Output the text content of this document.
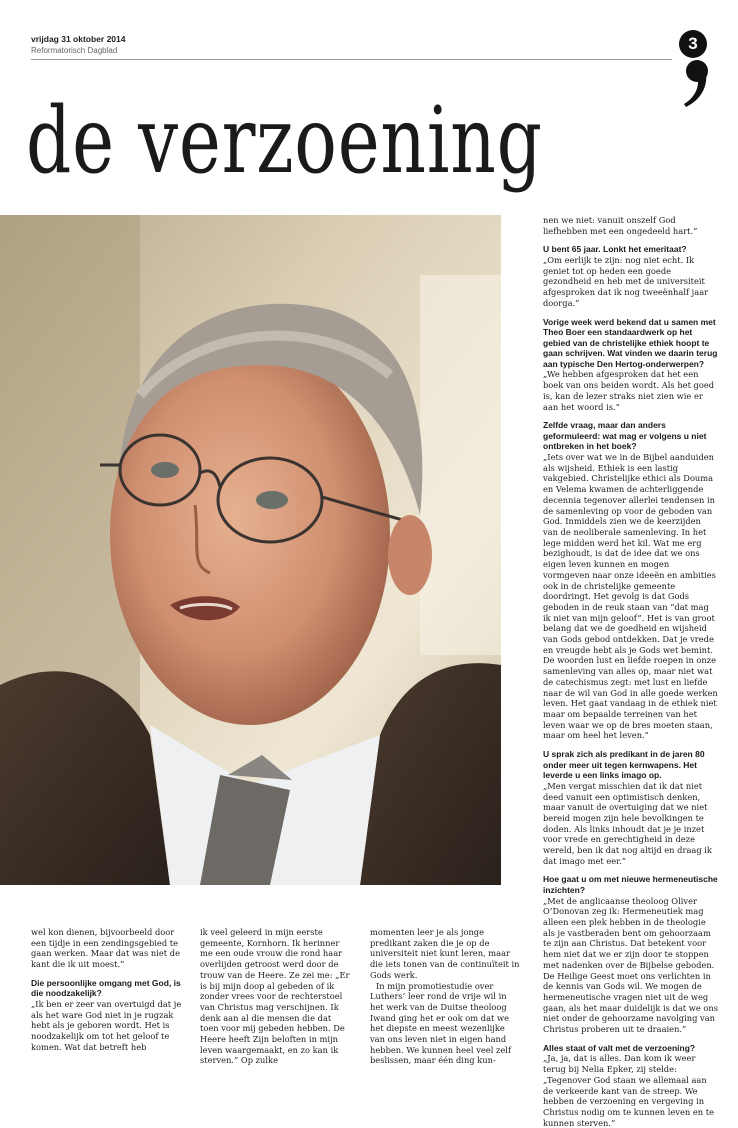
vrijdag 31 oktober 2014
Reformatorisch Dagblad	3
de verzoening

nen we niet: vanuit onszelf God liefhebben met een ongedeeld hart.”

U bent 65 jaar. Lonkt het emeritaat?

„Om eerlijk te zijn: nog niet echt. Ik geniet tot op heden een goede gezondheid en heb met de universiteit afgesproken dat ik nog tweeënhalf jaar doorga.”

Vorige week werd bekend dat u samen met Theo Boer een standaardwerk op het gebied van de christelijke ethiek hoopt te gaan schrijven. Wat vinden we daarin terug aan typische Den Hertog-onderwerpen?

„We hebben afgesproken dat het een boek van ons beiden wordt. Als het goed is, kan de lezer straks niet zien wie er aan het woord is.”

Zelfde vraag, maar dan anders geformuleerd: wat mag er volgens u niet ontbreken in het boek?

„Iets over wat we in de Bijbel aanduiden als wijsheid. Ethiek is een lastig vakgebied. Christelijke ethici als Douma en Velema kwamen de achterliggende decennia tegenover allerlei tendensen in de samenleving op voor de geboden van God. Inmiddels zien we de keerzijden van de neoliberale samenleving. In het lege midden werd het kil. Wat me erg bezighoudt, is dat de idee dat we ons eigen leven kunnen en mogen vormgeven naar onze ideeën en ambities ook in de christelijke gemeente doordringt. Het gevolg is dat Gods geboden in de reuk staan van “dat mag ik niet van mijn geloof”. Het is van groot belang dat we de goedheid en wijsheid van Gods gebod ontdekken. Dat je vrede en vreugde hebt als je Gods wet bemint. De woorden lust en liefde roepen in onze samenleving van alles op, maar niet wat de catechismus zegt: met lust en liefde naar de wil van God in alle goede werken leven. Het gaat vandaag in de ethiek niet maar om bepaalde terreinen van het leven waar we op de bres moeten staan, maar om heel het leven.”

U sprak zich als predikant in de jaren 80 onder meer uit tegen kernwapens. Het leverde u een links imago op.

„Men vergat misschien dat ik dat niet deed vanuit een optimistisch denken, maar vanuit de overtuiging dat we niet bereid mogen zijn hele bevolkingen te doden. Als links inhoudt dat je je inzet voor vrede en gerechtigheid in deze wereld, ben ik dat nog altijd en draag ik dat imago met eer.”

Hoe gaat u om met nieuwe hermeneutische inzichten?

„Met de anglicaanse theoloog Oliver O’Donovan zeg ik: Hermeneutiek mag alleen een plek hebben in de theologie als je vastberaden bent om gehoorzaam te zijn aan Christus. Dat betekent voor hem niet dat we er zijn door te stoppen met nadenken over de Bijbelse geboden. De Heilige Geest moet ons verlichten in de kennis van Gods wil. We mogen de hermeneutische vragen niet uit de weg gaan, als het maar duidelijk is dat we ons niet onder de gehoorzame navolging van Christus proberen uit te draaien.”

Alles staat of valt met de verzoening?

„Ja, ja, dat is alles. Dan kom ik weer terug bij Nelia Epker, zij stelde: „Tegenover God staan we allemaal aan de verkeerde kant van de streep. We hebben de verzoening en vergeving in Christus nodig om te kunnen leven en te kunnen sterven.”

wel kon dienen, bijvoorbeeld door een tijdje in een zendingsgebied te gaan werken. Maar dat was niet de kant die ik uit moest.”

Die persoonlijke omgang met God, is die noodzakelijk?

„Ik ben er zeer van overtuigd dat je als het ware God niet in je rugzak hebt als je geboren wordt. Het is noodzakelijk om tot het geloof te komen. Wat dat betreft heb

ik veel geleerd in mijn eerste gemeente, Kornhorn. Ik herinner me een oude vrouw die rond haar overlijden getroost werd door de trouw van de Heere. Ze zei me: „Er is bij mijn doop al gebeden of ik zonder vrees voor de rechterstoel van Christus mag verschijnen. Ik denk aan al die mensen die dat toen voor mij gebeden hebben. De Heere heeft Zijn beloften in mijn leven waargemaakt, en zo kan ik sterven.” Op zulke

momenten leer je als jonge predikant zaken die je op de universiteit niet kunt leren, maar die iets tonen van de continuïteit in Gods werk.

In mijn promotiestudie over Luthers’ leer rond de vrije wil in het werk van de Duitse theoloog Iwand ging het er ook om dat we het diepste en meest wezenlijke van ons leven niet in eigen hand hebben. We kunnen heel veel zelf beslissen, maar één ding kun-
